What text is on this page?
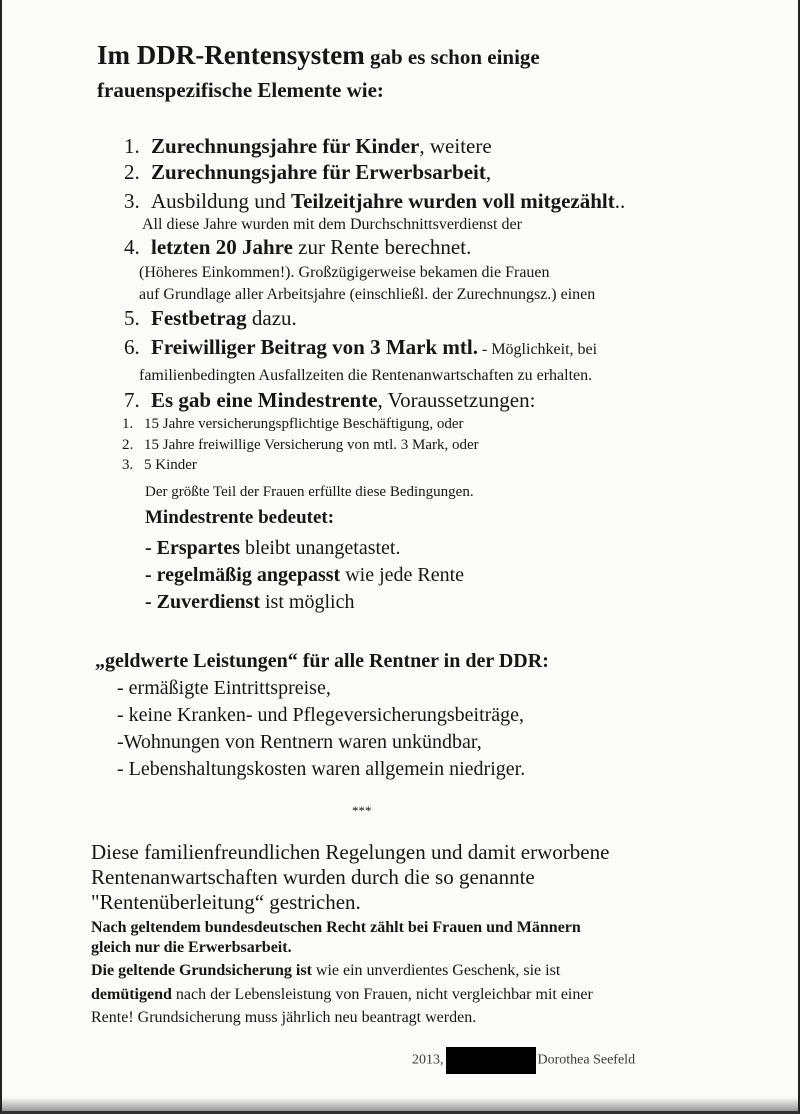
Im DDR-Rentensystem gab es schon einige

frauenspezifische Elemente wie:

1. Zurechnungsjahre für Kinder, weitere

2. Zurechnungsjahre für Erwerbsarbeit,

3. Ausbildung und Teilzeitjahre wurden voll mitgezählt..

All diese Jahre wurden mit dem Durchschnittsverdienst der

4. letzten 20 Jahre zur Rente berechnet.

(Höheres Einkommen!). Großzügigerweise bekamen die Frauen

auf Grundlage aller Arbeitsjahre (einschließl. der Zurechnungsz.) einen

5. Festbetrag dazu.

6. Freiwilliger Beitrag von 3 Mark mtl. - Möglichkeit, bei

familienbedingten Ausfallzeiten die Rentenanwartschaften zu erhalten.

7. Es gab eine Mindestrente, Voraussetzungen:

1. 15 Jahre versicherungspflichtige Beschäftigung, oder

2. 15 Jahre freiwillige Versicherung von mtl. 3 Mark, oder

3. 5 Kinder

Der größte Teil der Frauen erfüllte diese Bedingungen.

Mindestrente bedeutet:

- Erspartes bleibt unangetastet.

- regelmäßig angepasst wie jede Rente

- Zuverdienst ist möglich

„geldwerte Leistungen“ für alle Rentner in der DDR:

- ermäßigte Eintrittspreise,

- keine Kranken- und Pflegeversicherungsbeiträge,

-Wohnungen von Rentnern waren unkündbar,

- Lebenshaltungskosten waren allgemein niedriger.

***

Diese familienfreundlichen Regelungen und damit erworbene

Rentenanwartschaften wurden durch die so genannte

"Rentenüberleitung“ gestrichen.

Nach geltendem bundesdeutschen Recht zählt bei Frauen und Männern

gleich nur die Erwerbsarbeit.

Die geltende Grundsicherung ist wie ein unverdientes Geschenk, sie ist

demütigend nach der Lebensleistung von Frauen, nicht vergleichbar mit einer

Rente! Grundsicherung muss jährlich neu beantragt werden.

2013,	Dorothea Seefeld
